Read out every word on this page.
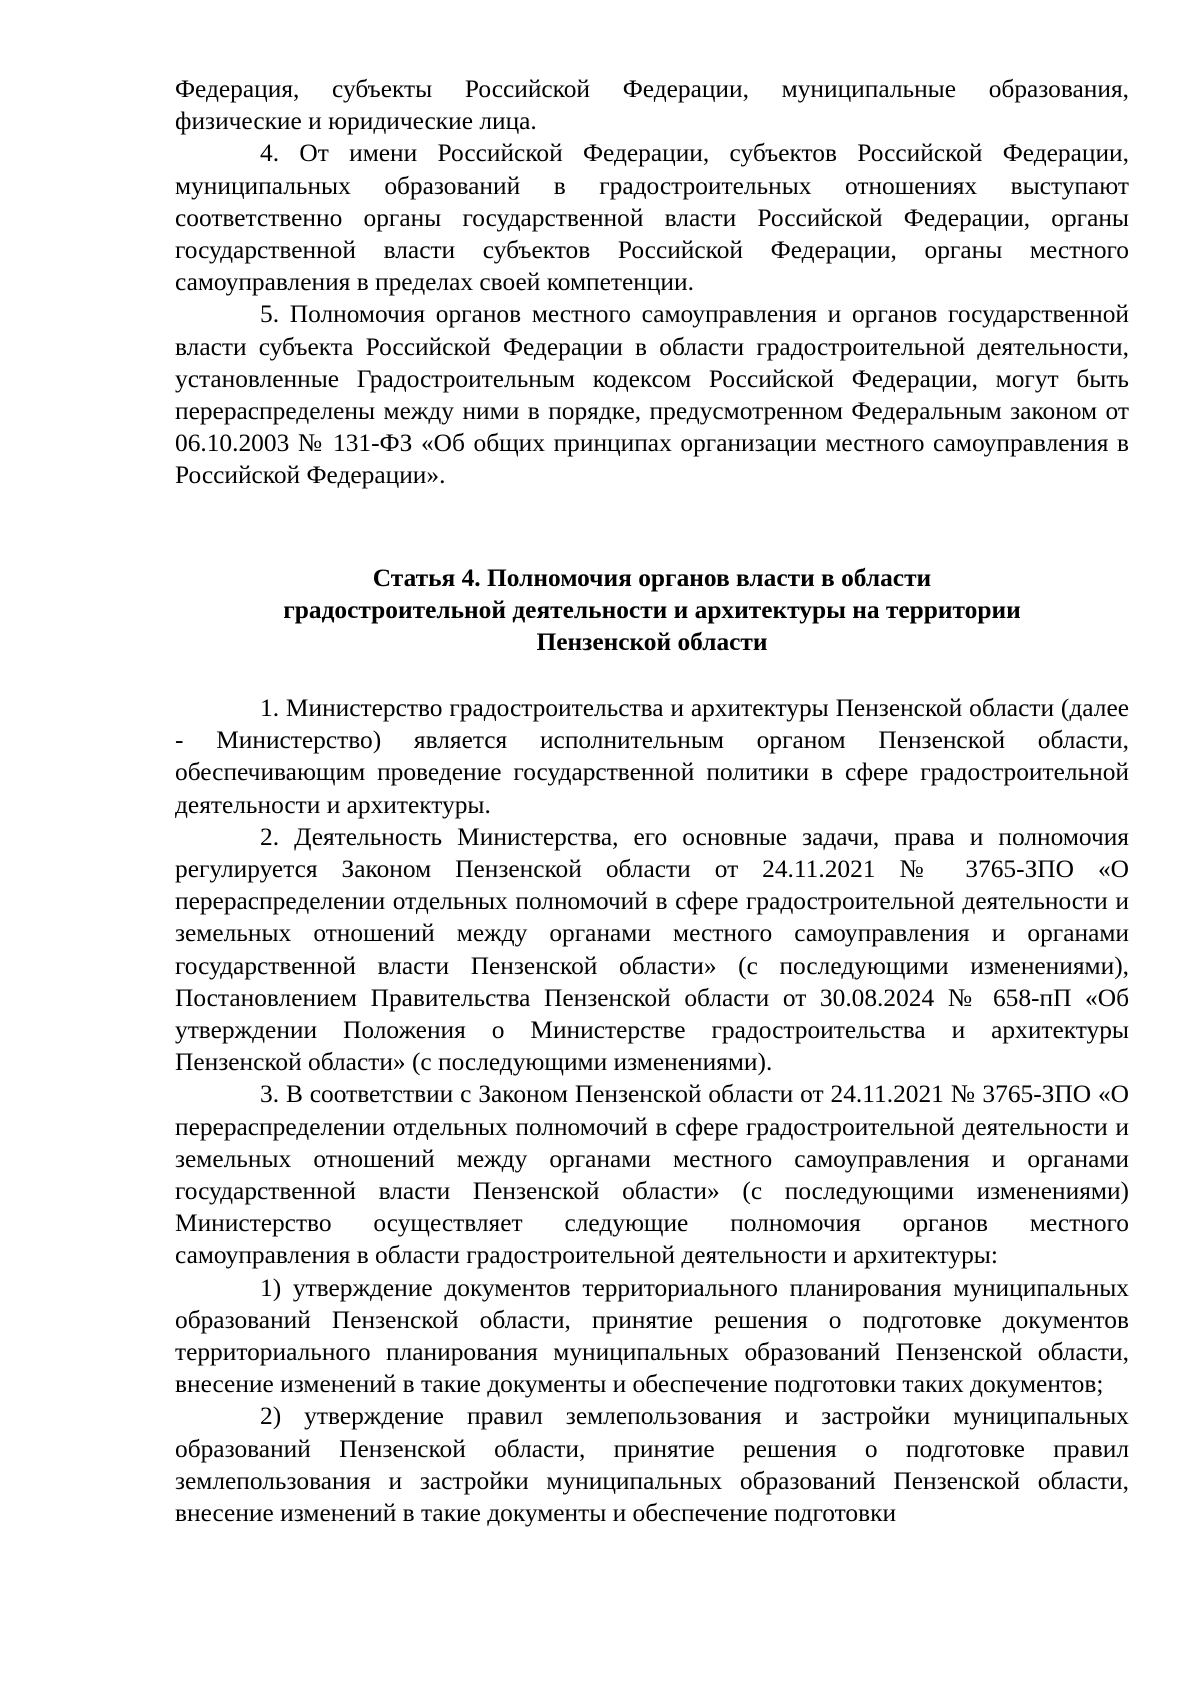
Федерация, субъекты Российской Федерации, муниципальные образования, физические и юридические лица.

4. От имени Российской Федерации, субъектов Российской Федерации, муниципальных образований в градостроительных отношениях выступают соответственно органы государственной власти Российской Федерации, органы государственной власти субъектов Российской Федерации, органы местного самоуправления в пределах своей компетенции.

5. Полномочия органов местного самоуправления и органов государственной власти субъекта Российской Федерации в области градостроительной деятельности, установленные Градостроительным кодексом Российской Федерации, могут быть перераспределены между ними в порядке, предусмотренном Федеральным законом от 06.10.2003 № 131-ФЗ «Об общих принципах организации местного самоуправления в Российской Федерации».

Статья 4. Полномочия органов власти в области
градостроительной деятельности и архитектуры на территории
Пензенской области

1. Министерство градостроительства и архитектуры Пензенской области (далее - Министерство) является исполнительным органом Пензенской области, обеспечивающим проведение государственной политики в сфере градостроительной деятельности и архитектуры.

2. Деятельность Министерства, его основные задачи, права и полномочия регулируется Законом Пензенской области от 24.11.2021 № 3765-ЗПО «О перераспределении отдельных полномочий в сфере градостроительной деятельности и земельных отношений между органами местного самоуправления и органами государственной власти Пензенской области» (с последующими изменениями), Постановлением Правительства Пензенской области от 30.08.2024 № 658-пП «Об утверждении Положения о Министерстве градостроительства и архитектуры Пензенской области» (с последующими изменениями).

3. В соответствии с Законом Пензенской области от 24.11.2021 № 3765-ЗПО «О перераспределении отдельных полномочий в сфере градостроительной деятельности и земельных отношений между органами местного самоуправления и органами государственной власти Пензенской области» (с последующими изменениями) Министерство осуществляет следующие полномочия органов местного самоуправления в области градостроительной деятельности и архитектуры:

1) утверждение документов территориального планирования муниципальных образований Пензенской области, принятие решения о подготовке документов территориального планирования муниципальных образований Пензенской области, внесение изменений в такие документы и обеспечение подготовки таких документов;

2) утверждение правил землепользования и застройки муниципальных образований Пензенской области, принятие решения о подготовке правил землепользования и застройки муниципальных образований Пензенской области, внесение изменений в такие документы и обеспечение подготовки
